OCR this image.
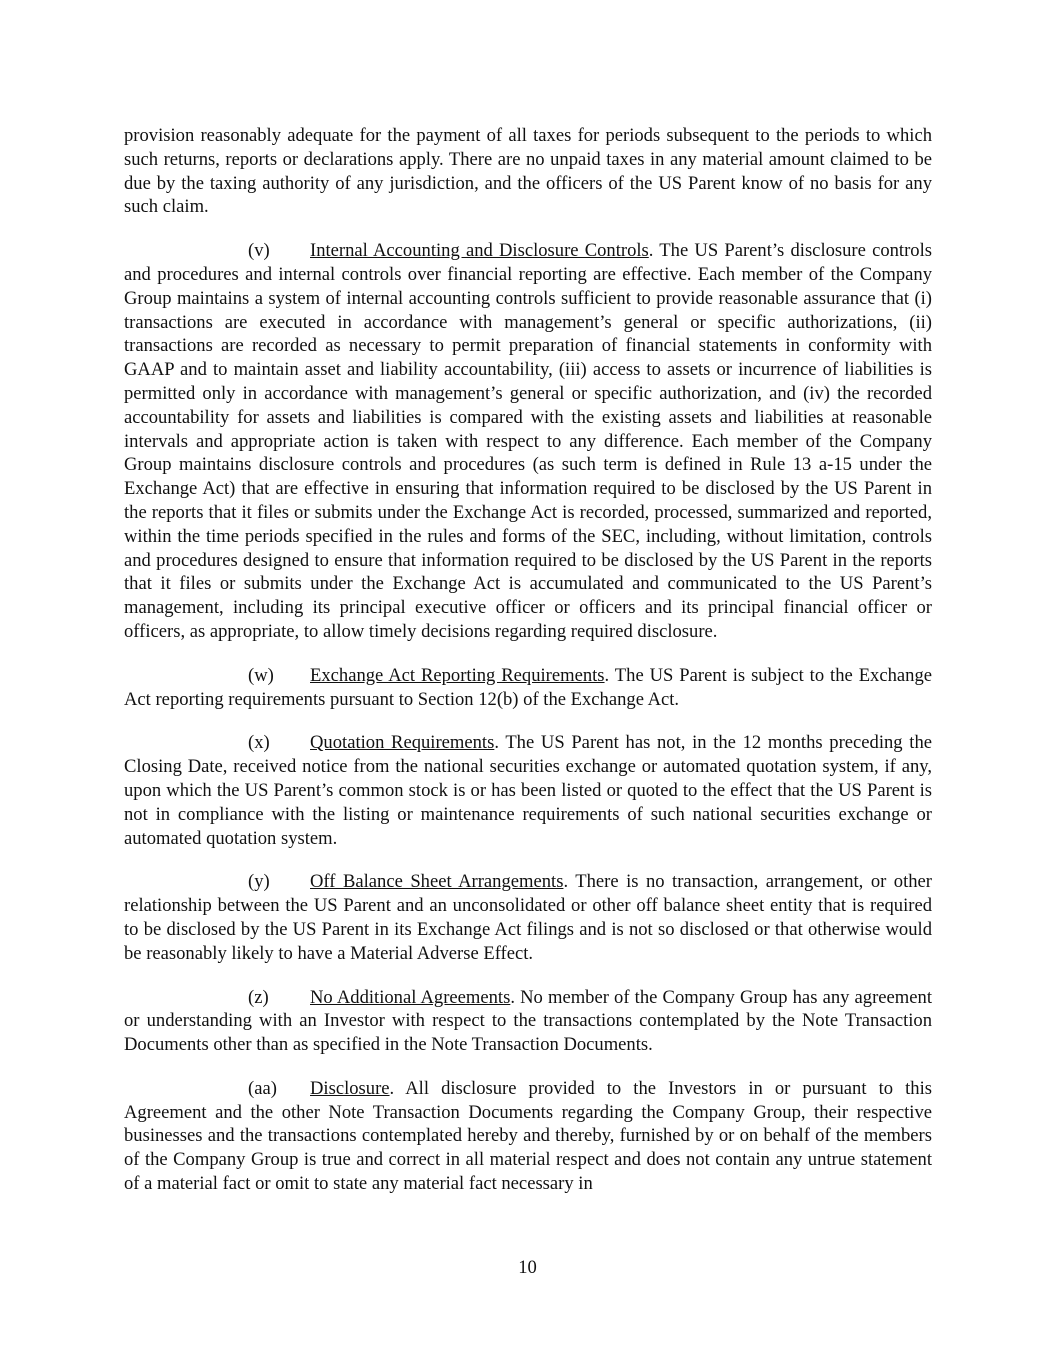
provision reasonably adequate for the payment of all taxes for periods subsequent to the periods to which such returns, reports or declarations apply. There are no unpaid taxes in any material amount claimed to be due by the taxing authority of any jurisdiction, and the officers of the US Parent know of no basis for any such claim.

(v) Internal Accounting and Disclosure Controls. The US Parent’s disclosure controls and procedures and internal controls over financial reporting are effective. Each member of the Company Group maintains a system of internal accounting controls sufficient to provide reasonable assurance that (i) transactions are executed in accordance with management’s general or specific authorizations, (ii) transactions are recorded as necessary to permit preparation of financial statements in conformity with GAAP and to maintain asset and liability accountability, (iii) access to assets or incurrence of liabilities is permitted only in accordance with management’s general or specific authorization, and (iv) the recorded accountability for assets and liabilities is compared with the existing assets and liabilities at reasonable intervals and appropriate action is taken with respect to any difference. Each member of the Company Group maintains disclosure controls and procedures (as such term is defined in Rule 13 a-15 under the Exchange Act) that are effective in ensuring that information required to be disclosed by the US Parent in the reports that it files or submits under the Exchange Act is recorded, processed, summarized and reported, within the time periods specified in the rules and forms of the SEC, including, without limitation, controls and procedures designed to ensure that information required to be disclosed by the US Parent in the reports that it files or submits under the Exchange Act is accumulated and communicated to the US Parent’s management, including its principal executive officer or officers and its principal financial officer or officers, as appropriate, to allow timely decisions regarding required disclosure.

(w) Exchange Act Reporting Requirements. The US Parent is subject to the Exchange Act reporting requirements pursuant to Section 12(b) of the Exchange Act.

(x) Quotation Requirements. The US Parent has not, in the 12 months preceding the Closing Date, received notice from the national securities exchange or automated quotation system, if any, upon which the US Parent’s common stock is or has been listed or quoted to the effect that the US Parent is not in compliance with the listing or maintenance requirements of such national securities exchange or automated quotation system.

(y) Off Balance Sheet Arrangements. There is no transaction, arrangement, or other relationship between the US Parent and an unconsolidated or other off balance sheet entity that is required to be disclosed by the US Parent in its Exchange Act filings and is not so disclosed or that otherwise would be reasonably likely to have a Material Adverse Effect.

(z) No Additional Agreements. No member of the Company Group has any agreement or understanding with an Investor with respect to the transactions contemplated by the Note Transaction Documents other than as specified in the Note Transaction Documents.

(aa) Disclosure. All disclosure provided to the Investors in or pursuant to this Agreement and the other Note Transaction Documents regarding the Company Group, their respective businesses and the transactions contemplated hereby and thereby, furnished by or on behalf of the members of the Company Group is true and correct in all material respect and does not contain any untrue statement of a material fact or omit to state any material fact necessary in

10
